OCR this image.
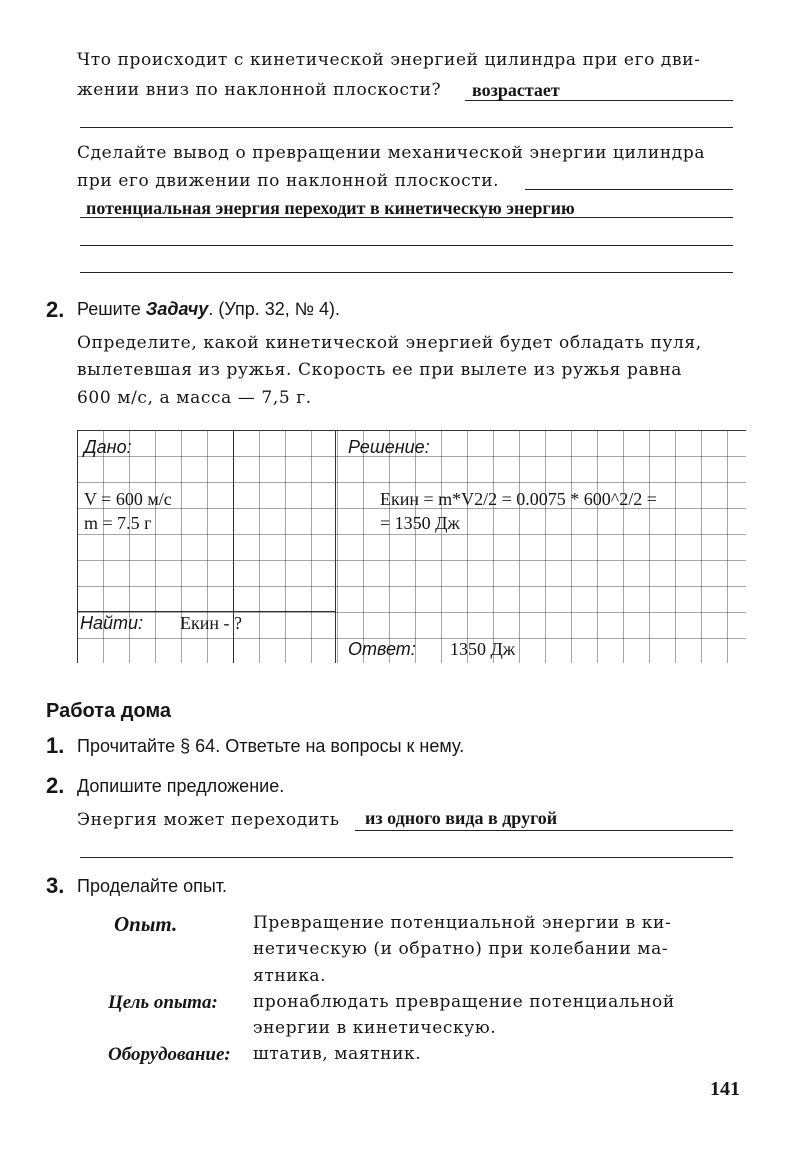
Что происходит с кинетической энергией цилиндра при его дви-
жении вниз по наклонной плоскости? возрастает
Сделайте вывод о превращении механической энергии цилиндра
при его движении по наклонной плоскости.
потенциальная энергия переходит в кинетическую энергию
2. Решите Задачу. (Упр. 32, № 4).
Определите, какой кинетической энергией будет обладать пуля,
вылетевшая из ружья. Скорость ее при вылете из ружья равна
600 м/с, а масса — 7,5 г.
Дано:
V = 600 м/с
m = 7.5 г
Найти: Екин - ?
Решение:
Екин = m*V2/2 = 0.0075 * 600^2/2 =
= 1350 Дж
Ответ: 1350 Дж
Работа дома
1. Прочитайте § 64. Ответьте на вопросы к нему.
2. Допишите предложение.
Энергия может переходить из одного вида в другой
3. Проделайте опыт.
Опыт.	Превращение потенциальной энергии в ки-
нетическую (и обратно) при колебании ма-
ятника.
Цель опыта: пронаблюдать превращение потенциальной
энергии в кинетическую.
Оборудование: штатив, маятник.
141
